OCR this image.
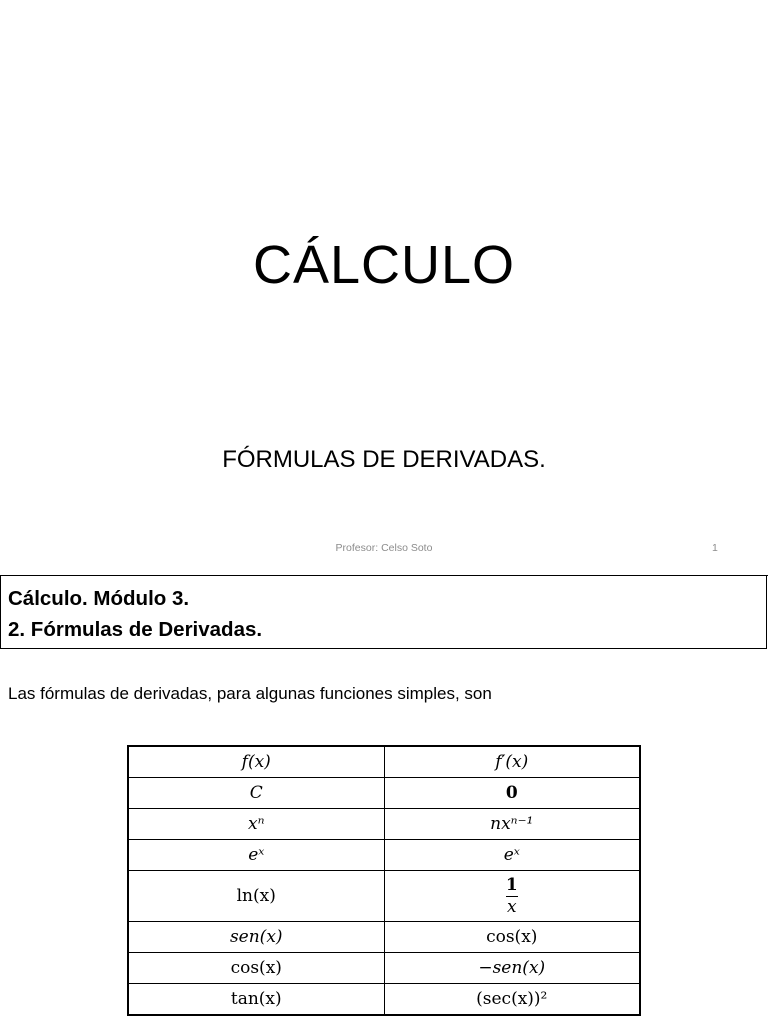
CÁLCULO
FÓRMULAS DE DERIVADAS.
Profesor: Celso Soto	1
Cálculo. Módulo 3.
2. Fórmulas de Derivadas.
Las fórmulas de derivadas, para algunas funciones simples, son
f(x)	f′(x)
C	0
xⁿ	nxⁿ⁻¹
eˣ	eˣ
ln(x)	$\frac{1}{x}$

sen(x)	cos(x)
cos(x)	−sen(x)
tan(x)	(sec(x))²
